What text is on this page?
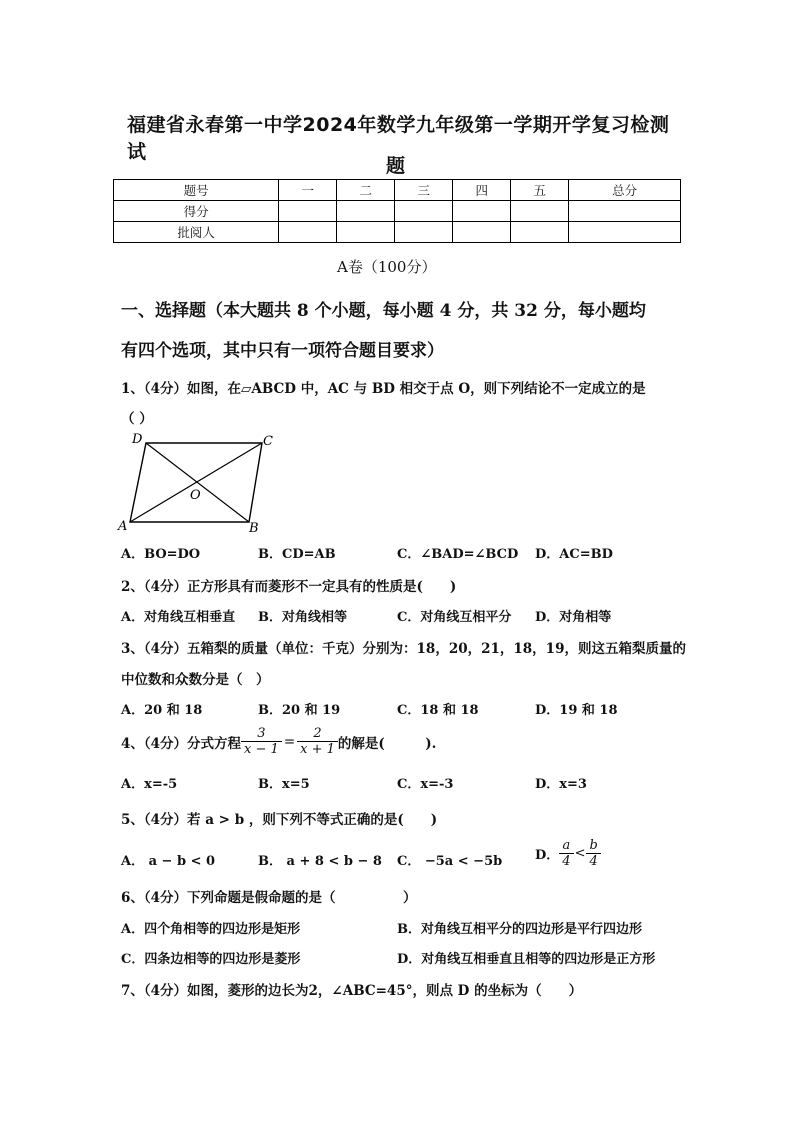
福建省永春第一中学2024年数学九年级第一学期开学复习检测试
题
题号	一	二	三	四	五	总分
得分						
批阅人						
A卷（100分）
一、选择题（本大题共 8 个小题，每小题 4 分，共 32 分，每小题均
有四个选项，其中只有一项符合题目要求）
1、（4分）如图，在▱ABCD 中，AC 与 BD 相交于点 O，则下列结论不一定成立的是
（ ）
D	C
O
A	B
A．BO=DO	B．CD=AB	C．∠BAD=∠BCD D．AC=BD
2、（4分）正方形具有而菱形不一定具有的性质是(　　)
A．对角线互相垂直 B．对角线相等	C．对角线互相平分 D．对角相等
3、（4分）五箱梨的质量（单位：千克）分别为：18，20，21，18，19，则这五箱梨质量的
中位数和众数分是（　）
A．20 和 18	B．20 和 19	C．18 和 18	D．19 和 18
4、（4分）分式方程 $\frac{3}{x - 1} = \frac{2}{x + 1}$ 的解是(　　　).
A．x=-5	B．x=5	C．x=-3	D．x=3
5、（4分）若 a > b ，则下列不等式正确的是(　　)
A． a − b < 0	B． a + 8 < b − 8 C． −5a < −5b	D． $\frac{a}{4} < \frac{b}{4}$
6、（4分）下列命题是假命题的是（　　　　　）
A．四个角相等的四边形是矩形	B．对角线互相平分的四边形是平行四边形
C．四条边相等的四边形是菱形	D．对角线互相垂直且相等的四边形是正方形
7、（4分）如图，菱形的边长为2，∠ABC=45°，则点 D 的坐标为（　　）
